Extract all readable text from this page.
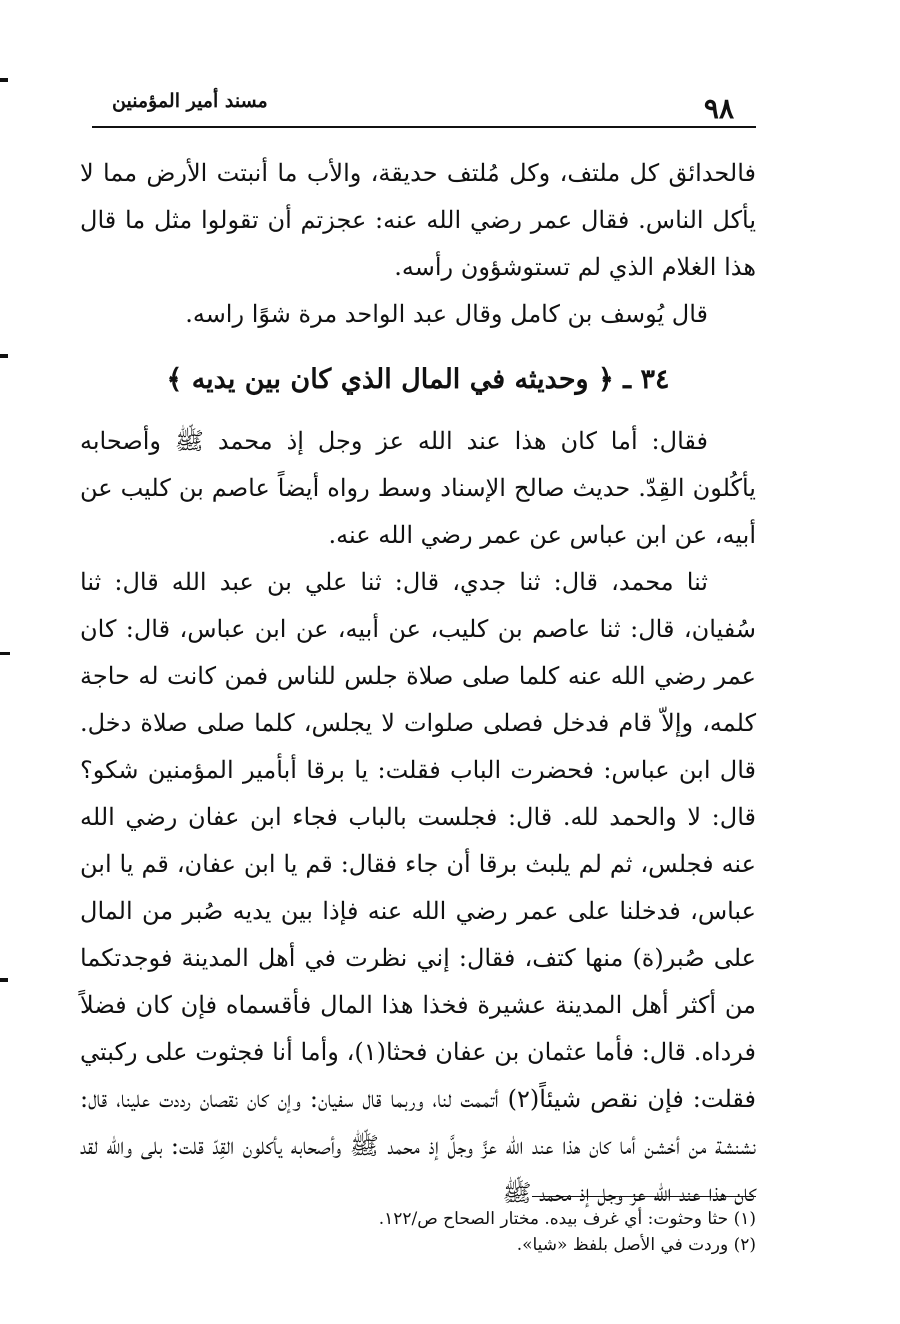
٩٨
مسند أمير المؤمنين

فالحدائق كل ملتف، وكل مُلتف حديقة، والأب ما أنبتت الأرض مما لا يأكل الناس. فقال عمر رضي الله عنه: عجزتم أن تقولوا مثل ما قال هذا الغلام الذي لم تستوشؤون رأسه.

قال يُوسف بن كامل وقال عبد الواحد مرة شوًا راسه.

٣٤ ـ ﴿ وحديثه في المال الذي كان بين يديه ﴾

فقال: أما كان هذا عند الله عز وجل إذ محمد ﷺ وأصحابه يأكُلون القِدّ. حديث صالح الإسناد وسط رواه أيضاً عاصم بن كليب عن أبيه، عن ابن عباس عن عمر رضي الله عنه.

ثنا محمد، قال: ثنا جدي، قال: ثنا علي بن عبد الله قال: ثنا سُفيان، قال: ثنا عاصم بن كليب، عن أبيه، عن ابن عباس، قال: كان عمر رضي الله عنه كلما صلى صلاة جلس للناس فمن كانت له حاجة كلمه، وإلاّ قام فدخل فصلى صلوات لا يجلس، كلما صلى صلاة دخل. قال ابن عباس: فحضرت الباب فقلت: يا برقا أبأمير المؤمنين شكو؟ قال: لا والحمد لله. قال: فجلست بالباب فجاء ابن عفان رضي الله عنه فجلس، ثم لم يلبث برقا أن جاء فقال: قم يا ابن عفان، قم يا ابن عباس، فدخلنا على عمر رضي الله عنه فإذا بين يديه صُبر من المال على صُبر(ة) منها كتف، فقال: إني نظرت في أهل المدينة فوجدتكما من أكثر أهل المدينة عشيرة فخذا هذا المال فأقسماه فإن كان فضلاً فرداه. قال: فأما عثمان بن عفان فحثا(١)، وأما أنا فجثوت على ركبتي فقلت: فإن نقص شيئاً(٢) أتممت لنا، وربما قال سفيان: وإن كان نقصان رددت علينا، قال: نشنشة من أخشن أما كان هذا عند الله عزَّ وجلَّ إذ محمد ﷺ وأصحابه يأكلون القِدّ قلت: بلى والله لقد كان هذا عند الله عز وجل إذ محمد ﷺ

(١) حثا وحثوت: أي غرف بيده. مختار الصحاح ص/١٢٢.

(٢) وردت في الأصل بلفظ «شيا».
